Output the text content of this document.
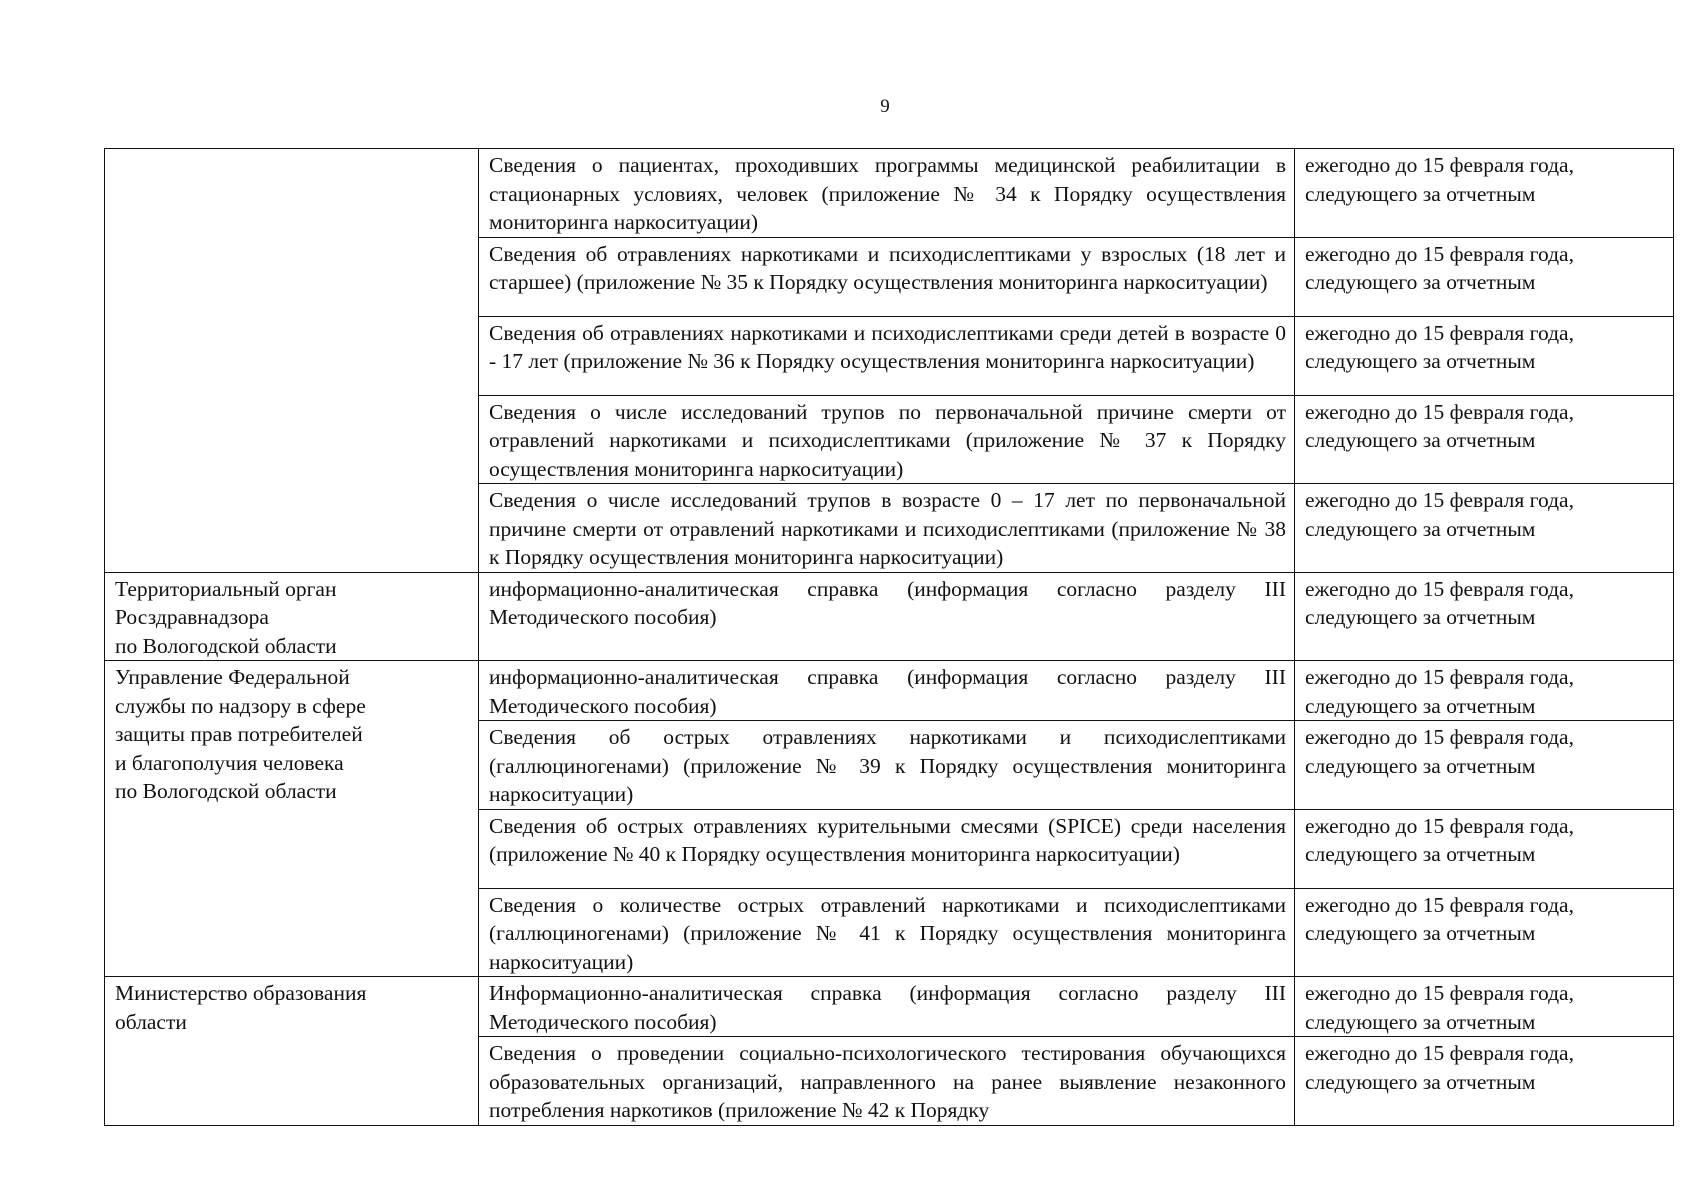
9
	Сведения о пациентах, проходивших программы медицинской реабилитации в стационарных условиях, человек (приложение № 34 к Порядку осуществления мониторинга наркоситуации)	ежегодно до 15 февраля года,
следующего за отчетным

	Сведения об отравлениях наркотиками и психодислептиками у взрослых (18 лет и старшее) (приложение № 35 к Порядку осуществления мониторинга наркоситуации)	ежегодно до 15 февраля года,
следующего за отчетным

	Сведения об отравлениях наркотиками и психодислептиками среди детей в возрасте 0 - 17 лет (приложение № 36 к Порядку осуществления мониторинга наркоситуации)	ежегодно до 15 февраля года,
следующего за отчетным

	Сведения о числе исследований трупов по первоначальной причине смерти от отравлений наркотиками и психодислептиками (приложение № 37 к Порядку осуществления мониторинга наркоситуации)	ежегодно до 15 февраля года,
следующего за отчетным

	Сведения о числе исследований трупов в возрасте 0 – 17 лет по первоначальной причине смерти от отравлений наркотиками и психодислептиками (приложение № 38 к Порядку осуществления мониторинга наркоситуации)	ежегодно до 15 февраля года,
следующего за отчетным

Территориальный орган
Росздравнадзора
по Вологодской области	информационно-аналитическая справка (информация согласно разделу III Методического пособия)	ежегодно до 15 февраля года,
следующего за отчетным

Управление Федеральной
службы по надзору в сфере
защиты прав потребителей
и благополучия человека
по Вологодской области	информационно-аналитическая справка (информация согласно разделу III Методического пособия)	ежегодно до 15 февраля года,
следующего за отчетным

	Сведения об острых отравлениях наркотиками и психодислептиками (галлюциногенами) (приложение № 39 к Порядку осуществления мониторинга наркоситуации)	ежегодно до 15 февраля года,
следующего за отчетным

	Сведения об острых отравлениях курительными смесями (SPICE) среди населения (приложение № 40 к Порядку осуществления мониторинга наркоситуации)	ежегодно до 15 февраля года,
следующего за отчетным

	Сведения о количестве острых отравлений наркотиками и психодислептиками (галлюциногенами) (приложение № 41 к Порядку осуществления мониторинга наркоситуации)	ежегодно до 15 февраля года,
следующего за отчетным

Министерство образования
области	Информационно-аналитическая справка (информация согласно разделу III Методического пособия)	ежегодно до 15 февраля года,
следующего за отчетным

	Сведения о проведении социально-психологического тестирования обучающихся образовательных организаций, направленного на ранее выявление незаконного потребления наркотиков (приложение № 42 к Порядку	ежегодно до 15 февраля года,
следующего за отчетным
